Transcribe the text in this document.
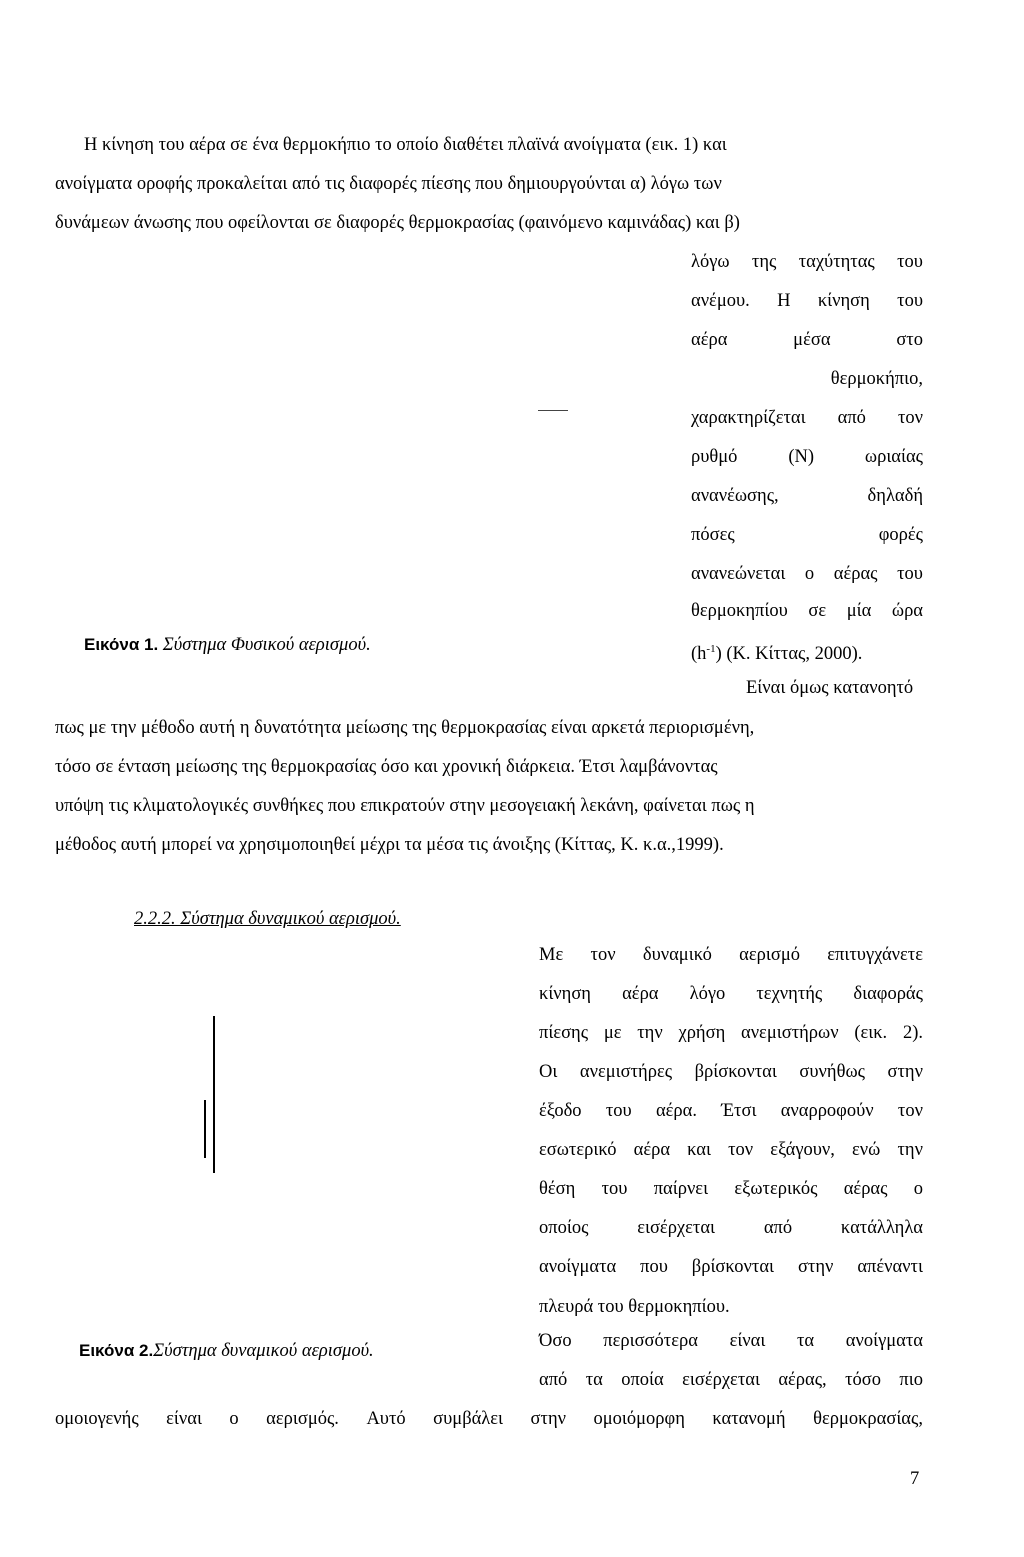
Η κίνηση του αέρα σε ένα θερμοκήπιο το οποίο διαθέτει πλαϊνά ανοίγματα (εικ. 1) και

ανοίγματα οροφής προκαλείται από τις διαφορές πίεσης που δημιουργούνται α) λόγω των

δυνάμεων άνωσης που οφείλονται σε διαφορές θερμοκρασίας (φαινόμενο καμινάδας) και β)

λόγω της ταχύτητας του
ανέμου. Η κίνηση του
αέρα	μέσα	στο
θερμοκήπιο,
χαρακτηρίζεται από τον
ρυθμό	(N)	ωριαίας
ανανέωσης,	δηλαδή
πόσες	φορές
ανανεώνεται ο αέρας του
θερμοκηπίου σε μία ώρα

$(h^{-1})$ (Κ. Κίττας, 2000).

Είναι όμως κατανοητό

πως με την μέθοδο αυτή η δυνατότητα μείωσης της θερμοκρασίας είναι αρκετά περιορισμένη,

τόσο σε ένταση μείωσης της θερμοκρασίας όσο και χρονική διάρκεια. Έτσι λαμβάνοντας

υπόψη τις κλιματολογικές συνθήκες που επικρατούν στην μεσογειακή λεκάνη, φαίνεται πως η

μέθοδος αυτή μπορεί να χρησιμοποιηθεί μέχρι τα μέσα τις άνοιξης (Κίττας, Κ. κ.α.,1999).

Εικόνα 1. Σύστημα Φυσικού αερισμού.

2.2.2. Σύστημα δυναμικού αερισμού.

Εικόνα 2.Σύστημα δυναμικού αερισμού.

Με τον δυναμικό αερισμό επιτυγχάνετε
κίνηση αέρα λόγο τεχνητής διαφοράς
πίεσης με την χρήση ανεμιστήρων (εικ. 2).
Οι ανεμιστήρες βρίσκονται συνήθως στην
έξοδο του αέρα. Έτσι αναρροφούν τον
εσωτερικό αέρα και τον εξάγουν, ενώ την
θέση του παίρνει εξωτερικός αέρας ο
οποίος	εισέρχεται	από	κατάλληλα
ανοίγματα που βρίσκονται στην απέναντι

πλευρά του θερμοκηπίου.

Όσο περισσότερα είναι τα ανοίγματα
από τα οποία εισέρχεται αέρας, τόσο πιο
ομοιογενής είναι ο αερισμός. Αυτό συμβάλει στην ομοιόμορφη κατανομή θερμοκρασίας,

7
